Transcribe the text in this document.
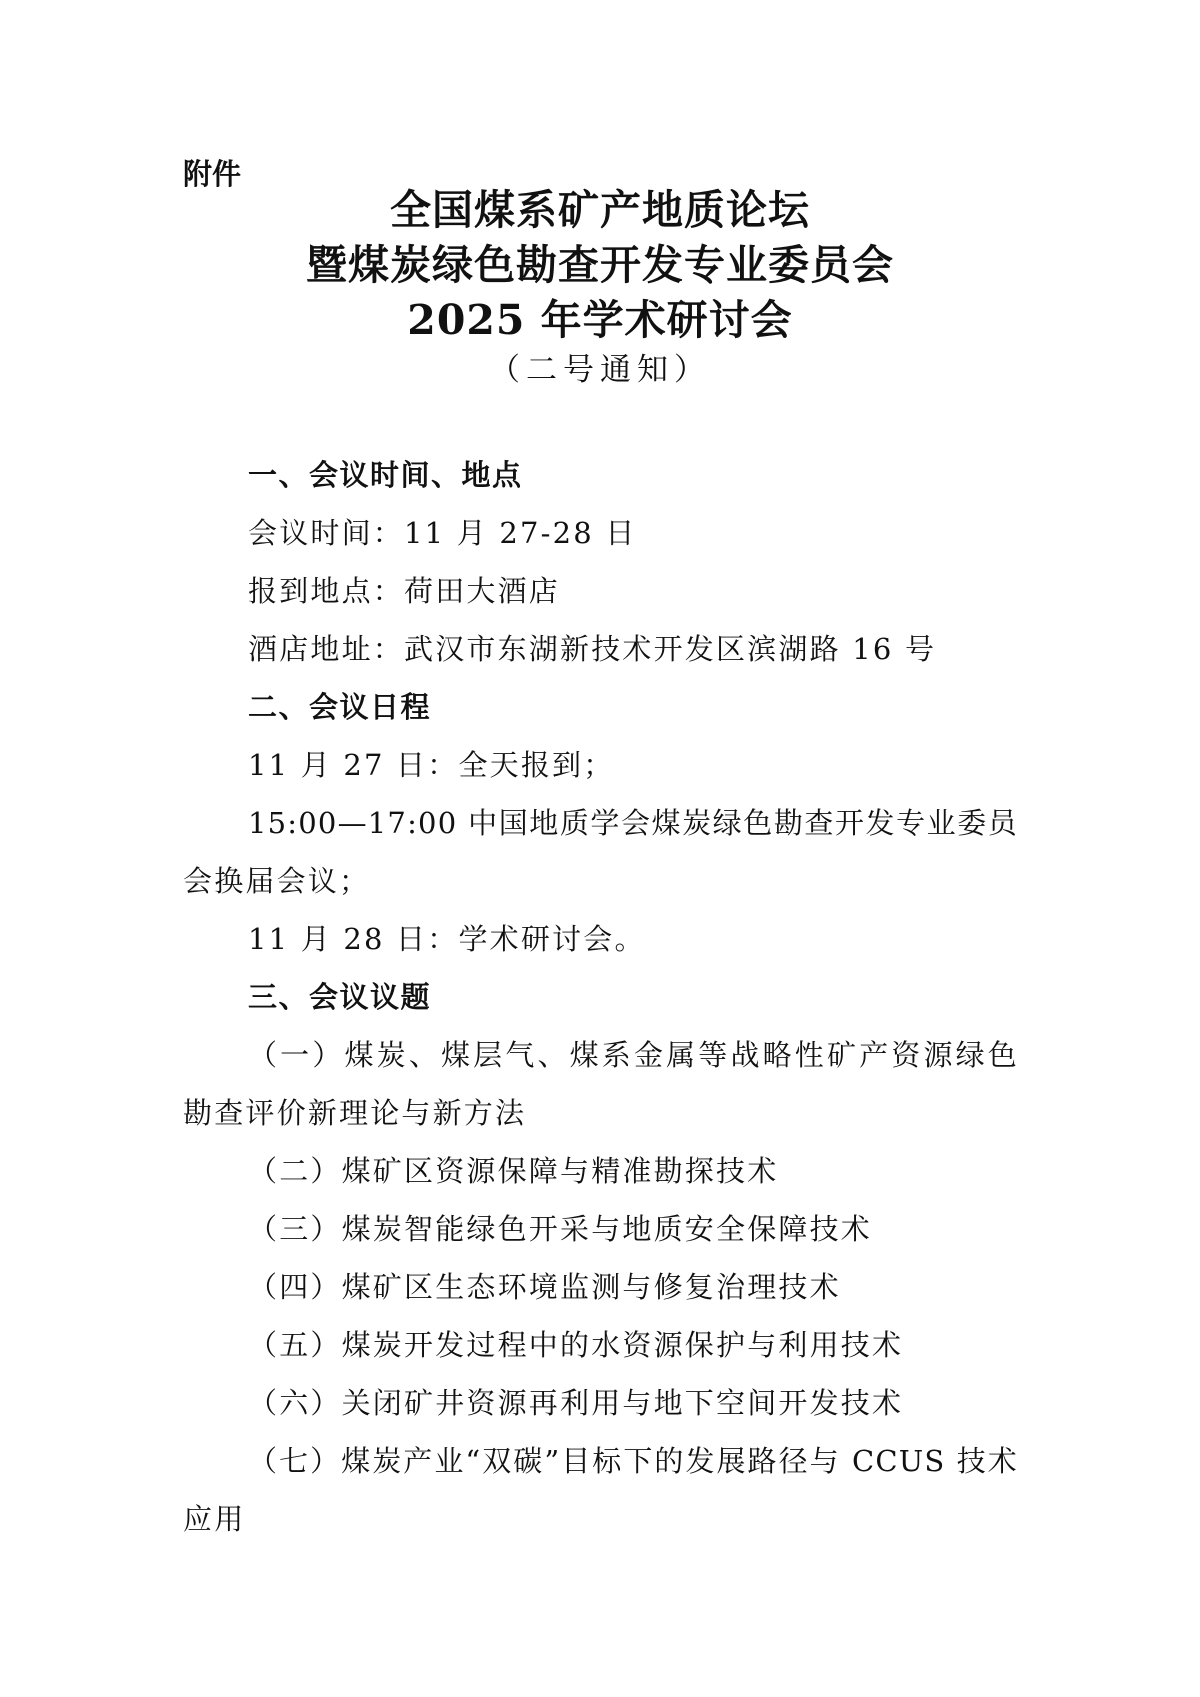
附件

全国煤系矿产地质论坛

暨煤炭绿色勘查开发专业委员会

2025 年学术研讨会

（二号通知）

一、会议时间、地点

会议时间：11 月 27-28 日

报到地点：荷田大酒店

酒店地址：武汉市东湖新技术开发区滨湖路 16 号

二、会议日程

11 月 27 日：全天报到；

15:00—17:00 中国地质学会煤炭绿色勘查开发专业委员

会换届会议；

11 月 28 日：学术研讨会。

三、会议议题

（一）煤炭、煤层气、煤系金属等战略性矿产资源绿色

勘查评价新理论与新方法

（二）煤矿区资源保障与精准勘探技术

（三）煤炭智能绿色开采与地质安全保障技术

（四）煤矿区生态环境监测与修复治理技术

（五）煤炭开发过程中的水资源保护与利用技术

（六）关闭矿井资源再利用与地下空间开发技术

（七）煤炭产业“双碳”目标下的发展路径与 CCUS 技术

应用
